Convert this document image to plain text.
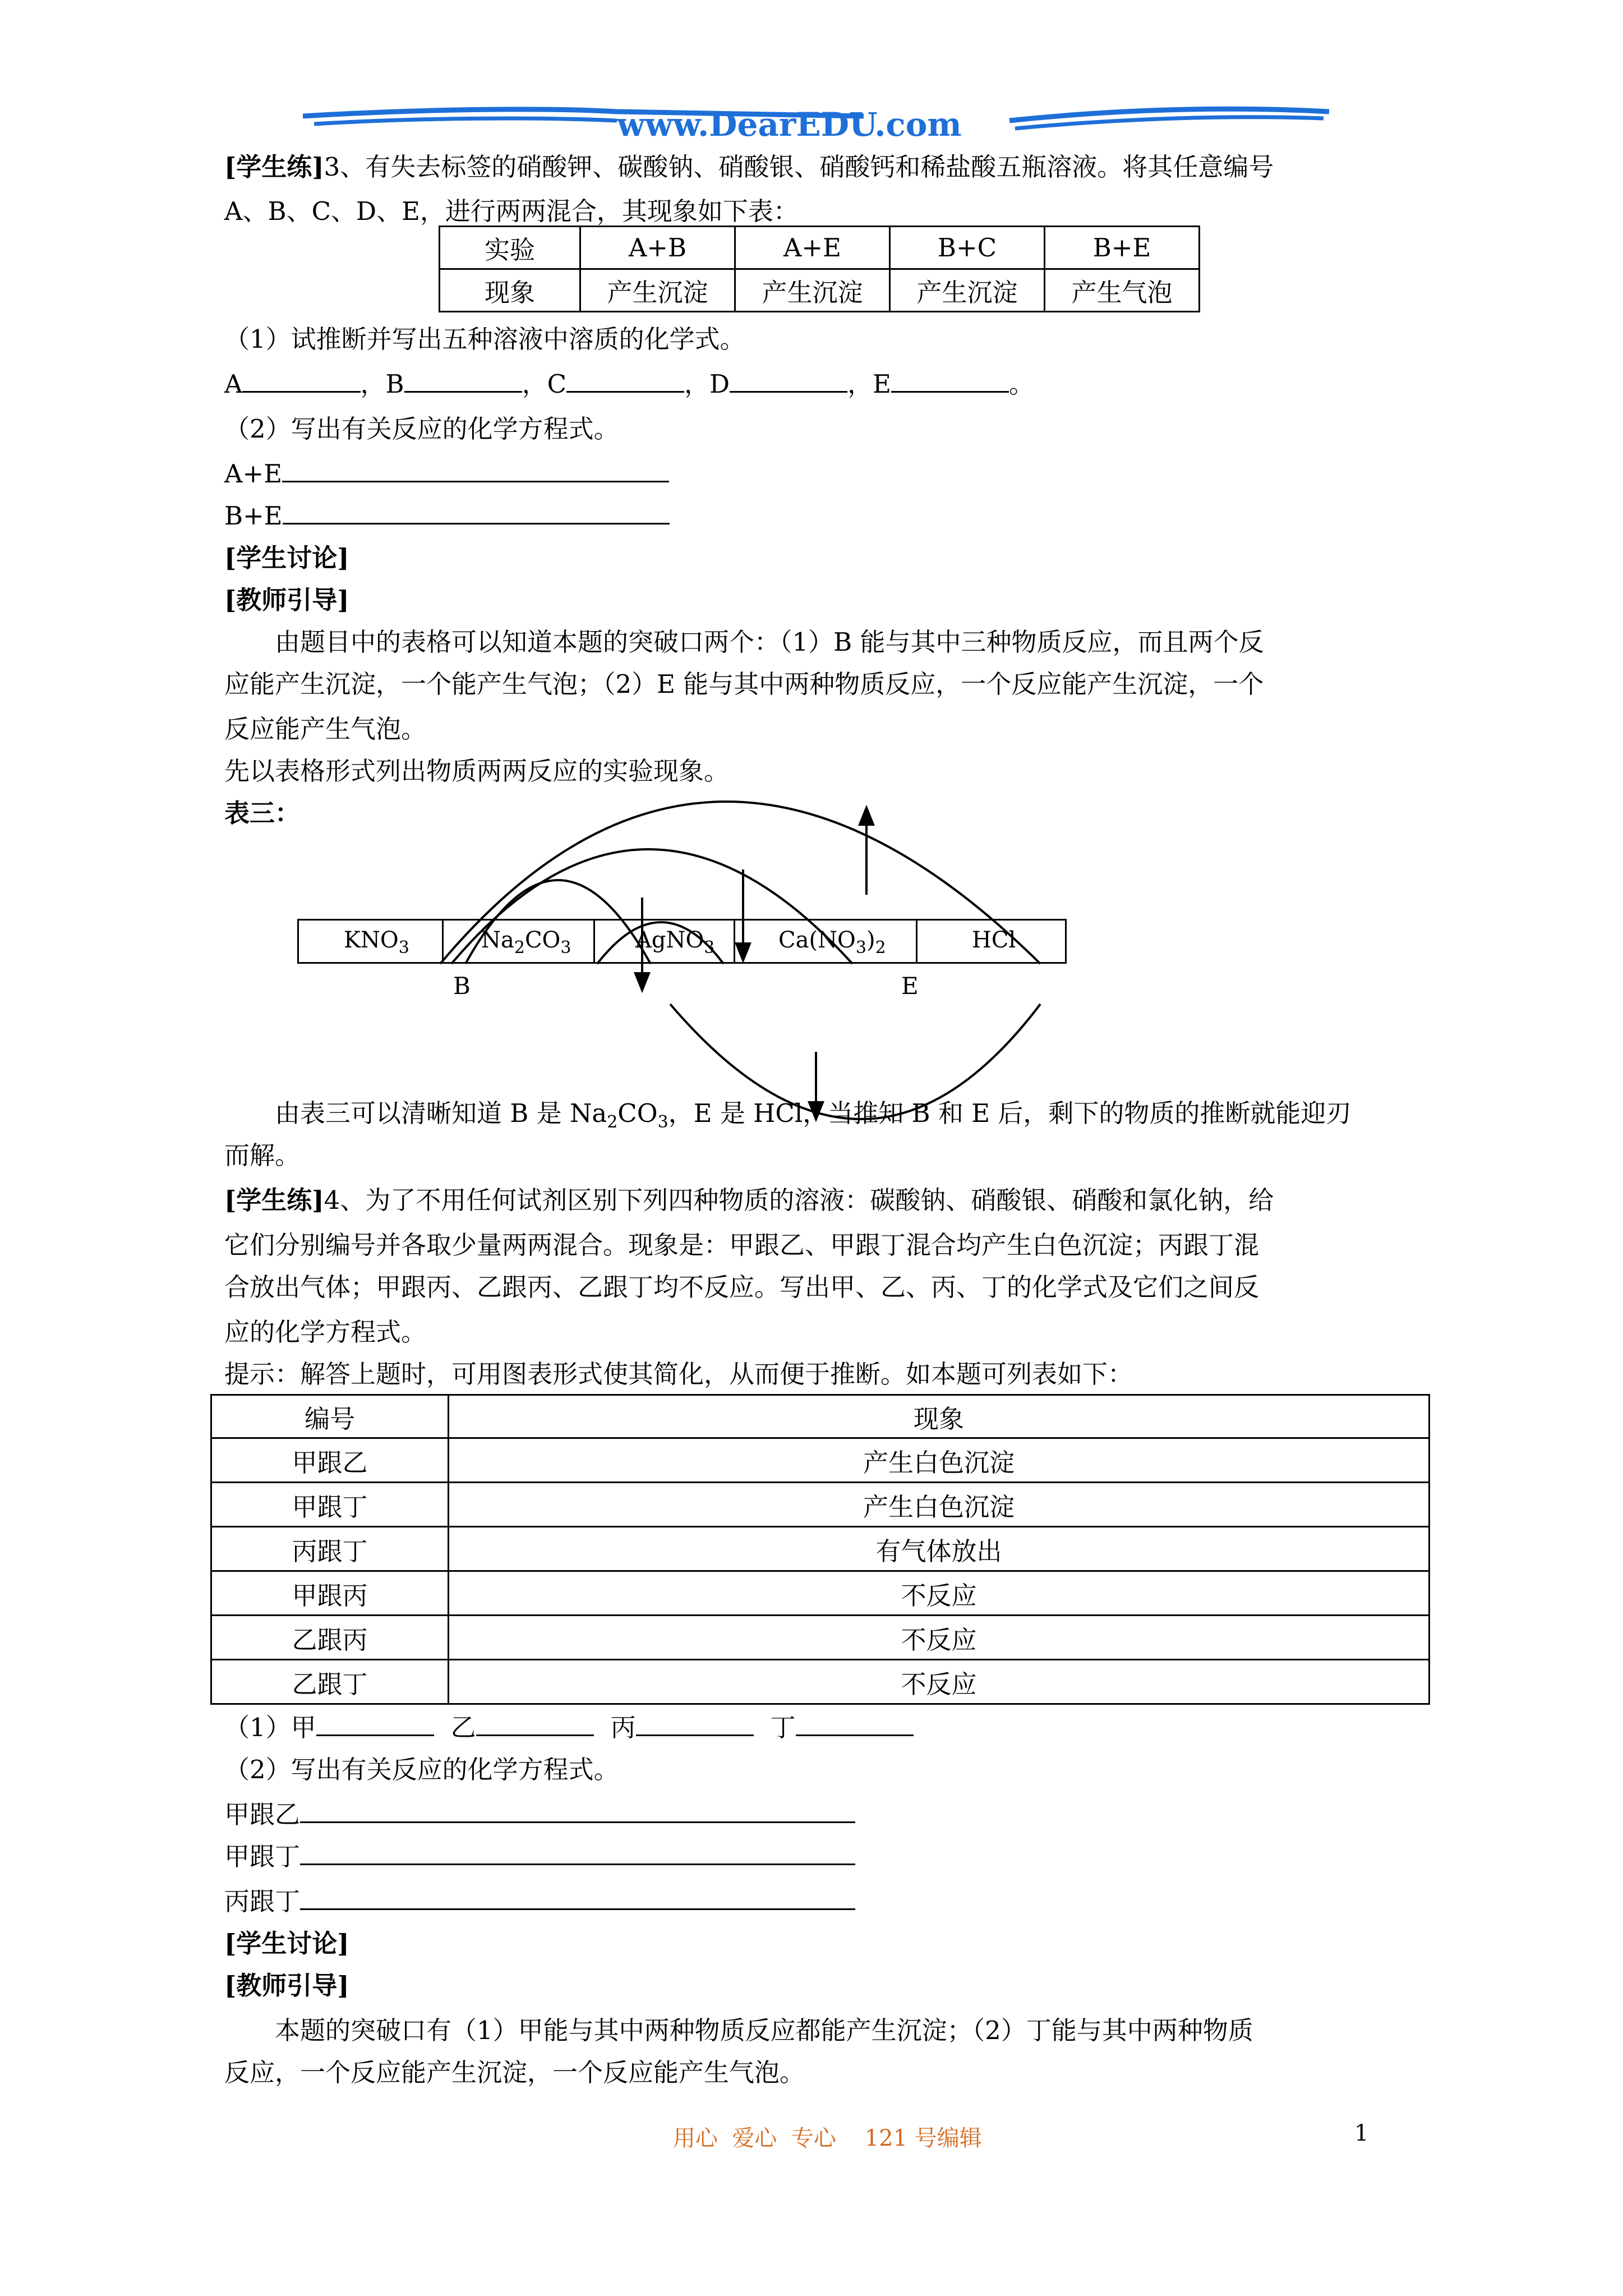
www.DearEDU.com
[学生练]3、有失去标签的硝酸钾、碳酸钠、硝酸银、硝酸钙和稀盐酸五瓶溶液。将其任意编号
A、B、C、D、E，进行两两混合，其现象如下表：
实验	A+B	A+E	B+C	B+E
现象	产生沉淀	产生沉淀	产生沉淀	产生气泡
（1）试推断并写出五种溶液中溶质的化学式。
A	，B	，C	，D	，E	。
（2）写出有关反应的化学方程式。
A+E
B+E
[学生讨论]
[教师引导]
由题目中的表格可以知道本题的突破口两个：（1）B 能与其中三种物质反应，而且两个反
应能产生沉淀，一个能产生气泡；（2）E 能与其中两种物质反应，一个反应能产生沉淀，一个
反应能产生气泡。
先以表格形式列出物质两两反应的实验现象。
表三：
$KNO_3$	$Na_2CO_3$	AgNO$_3$	$Ca(NO_3)_2$	HCl
B	E
由表三可以清晰知道 B 是 $Na_2CO_3$，E 是 HCl，当推知 B 和 E 后，剩下的物质的推断就能迎刃
而解。
[学生练]4、为了不用任何试剂区别下列四种物质的溶液：碳酸钠、硝酸银、硝酸和氯化钠，给
它们分别编号并各取少量两两混合。现象是：甲跟乙、甲跟丁混合均产生白色沉淀；丙跟丁混
合放出气体；甲跟丙、乙跟丙、乙跟丁均不反应。写出甲、乙、丙、丁的化学式及它们之间反
应的化学方程式。
提示：解答上题时，可用图表形式使其简化，从而便于推断。如本题可列表如下：
编号	现象
甲跟乙	产生白色沉淀
甲跟丁	产生白色沉淀
丙跟丁	有气体放出
甲跟丙	不反应
乙跟丙	不反应
乙跟丁	不反应
（1）甲	乙	丙	丁
（2）写出有关反应的化学方程式。
甲跟乙
甲跟丁
丙跟丁
[学生讨论]
[教师引导]
本题的突破口有（1）甲能与其中两种物质反应都能产生沉淀；（2）丁能与其中两种物质
反应，一个反应能产生沉淀，一个反应能产生气泡。
用心  爱心  专心    121 号编辑	1
